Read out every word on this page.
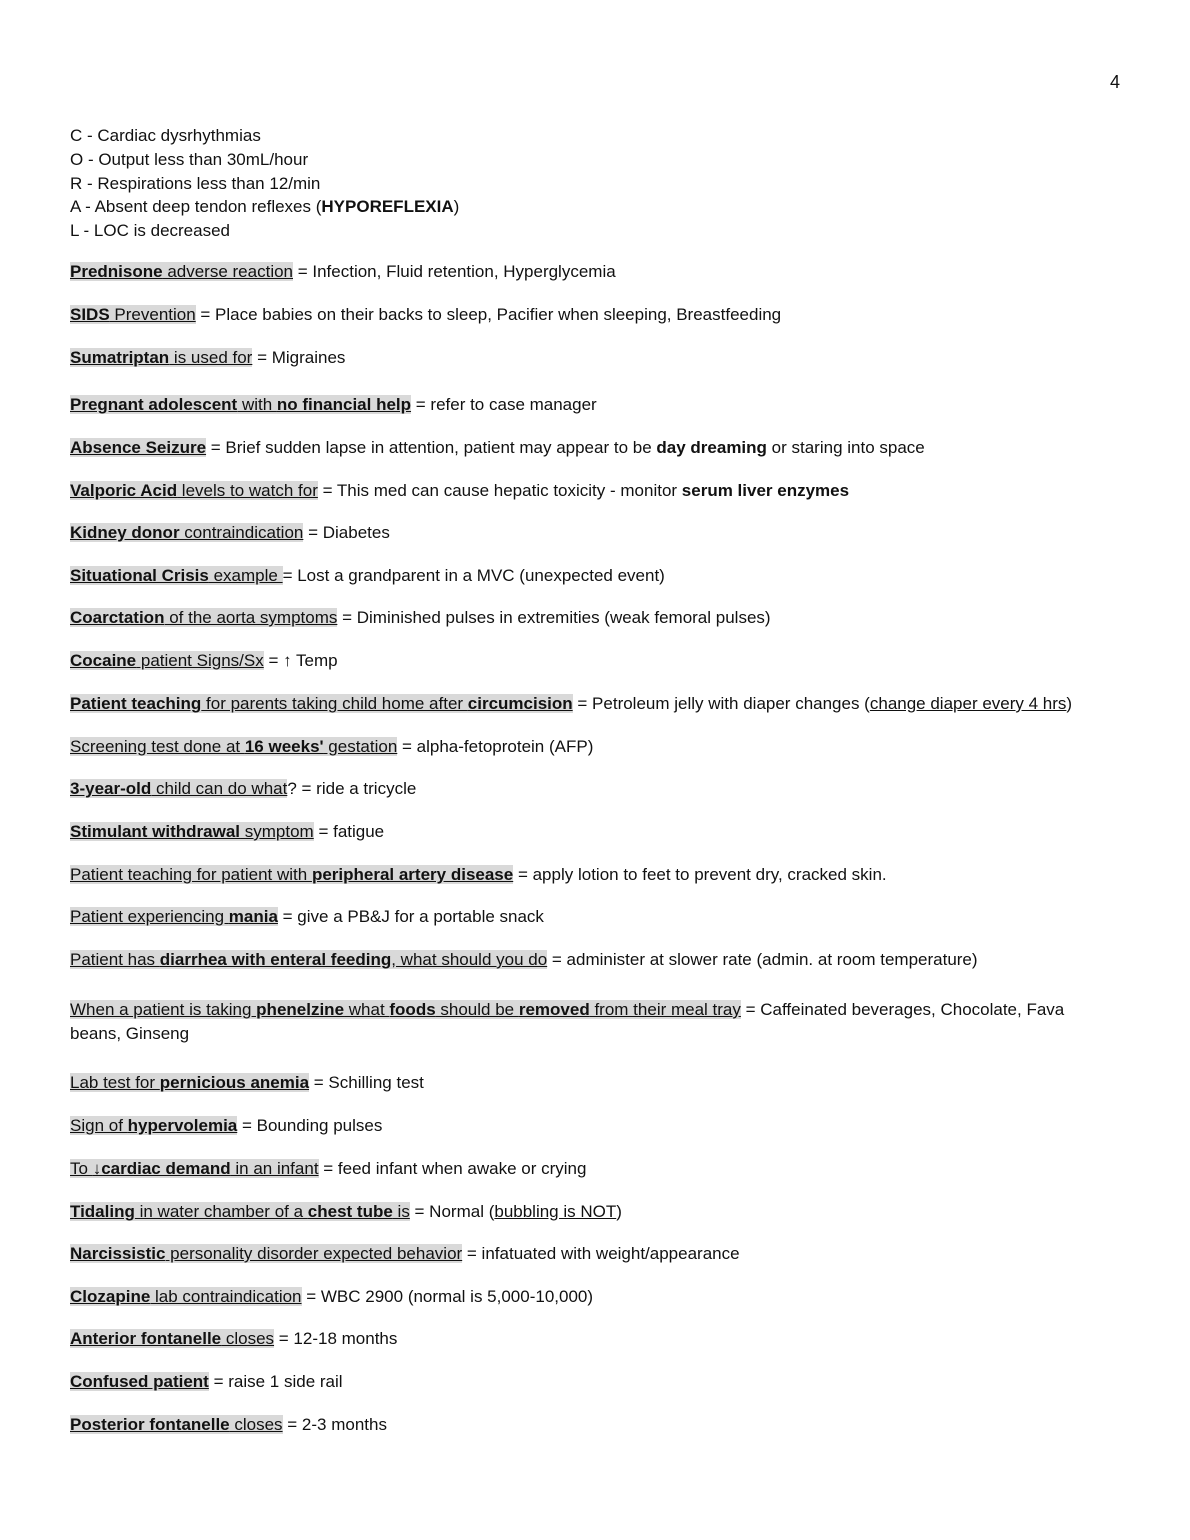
4
C - Cardiac dysrhythmias
O - Output less than 30mL/hour
R - Respirations less than 12/min
A - Absent deep tendon reflexes (HYPOREFLEXIA)
L - LOC is decreased
Prednisone adverse reaction = Infection, Fluid retention, Hyperglycemia
SIDS Prevention = Place babies on their backs to sleep, Pacifier when sleeping, Breastfeeding
Sumatriptan is used for = Migraines
Pregnant adolescent with no financial help = refer to case manager
Absence Seizure = Brief sudden lapse in attention, patient may appear to be day dreaming or staring into space
Valporic Acid levels to watch for = This med can cause hepatic toxicity - monitor serum liver enzymes
Kidney donor contraindication = Diabetes
Situational Crisis example = Lost a grandparent in a MVC (unexpected event)
Coarctation of the aorta symptoms = Diminished pulses in extremities (weak femoral pulses)
Cocaine patient Signs/Sx = ↑ Temp
Patient teaching for parents taking child home after circumcision = Petroleum jelly with diaper changes (change diaper every 4 hrs)
Screening test done at 16 weeks' gestation = alpha-fetoprotein (AFP)
3-year-old child can do what? = ride a tricycle
Stimulant withdrawal symptom = fatigue
Patient teaching for patient with peripheral artery disease = apply lotion to feet to prevent dry, cracked skin.
Patient experiencing mania = give a PB&J for a portable snack
Patient has diarrhea with enteral feeding, what should you do = administer at slower rate (admin. at room temperature)
When a patient is taking phenelzine what foods should be removed from their meal tray = Caffeinated beverages, Chocolate, Fava beans, Ginseng
Lab test for pernicious anemia = Schilling test
Sign of hypervolemia = Bounding pulses
To ↓cardiac demand in an infant = feed infant when awake or crying
Tidaling in water chamber of a chest tube is = Normal (bubbling is NOT)
Narcissistic personality disorder expected behavior = infatuated with weight/appearance
Clozapine lab contraindication = WBC 2900 (normal is 5,000-10,000)
Anterior fontanelle closes = 12-18 months
Confused patient = raise 1 side rail
Posterior fontanelle closes = 2-3 months
